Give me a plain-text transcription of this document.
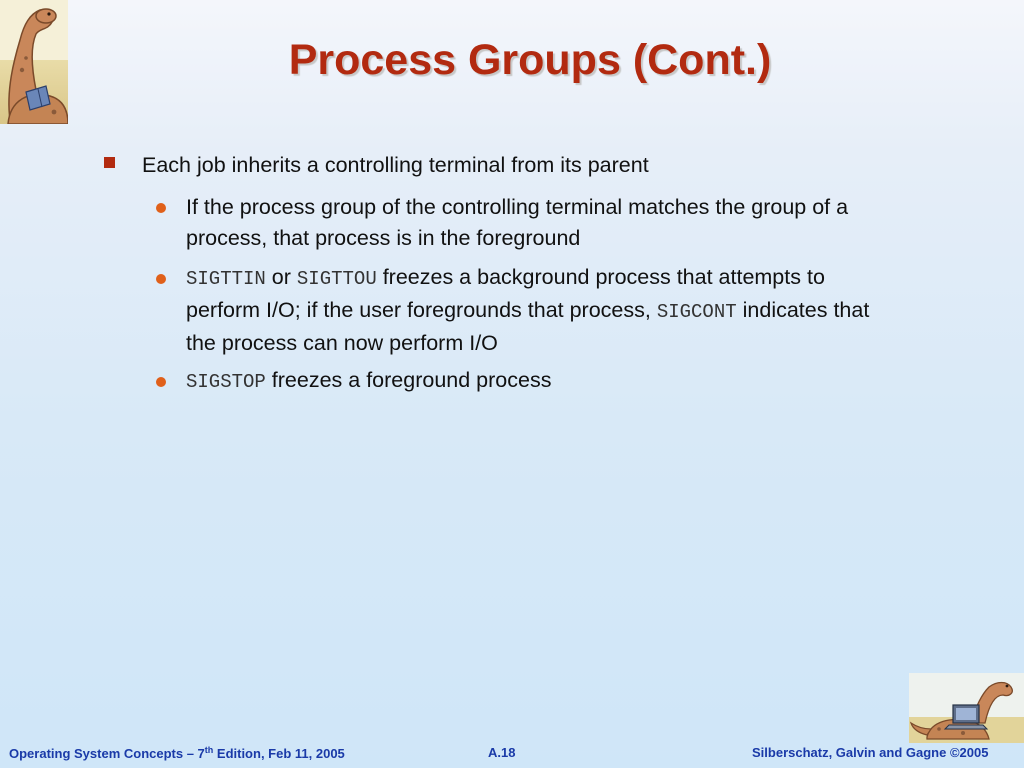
Process Groups (Cont.)
Each job inherits a controlling terminal from its parent
If the process group of the controlling terminal matches the group of a process, that process is in the foreground
SIGTTIN or SIGTTOU freezes a background process that attempts to perform I/O; if the user foregrounds that process, SIGCONT indicates that the process can now perform I/O
SIGSTOP freezes a foreground process
Operating System Concepts – 7th Edition, Feb 11, 2005	A.18	Silberschatz, Galvin and Gagne ©2005
